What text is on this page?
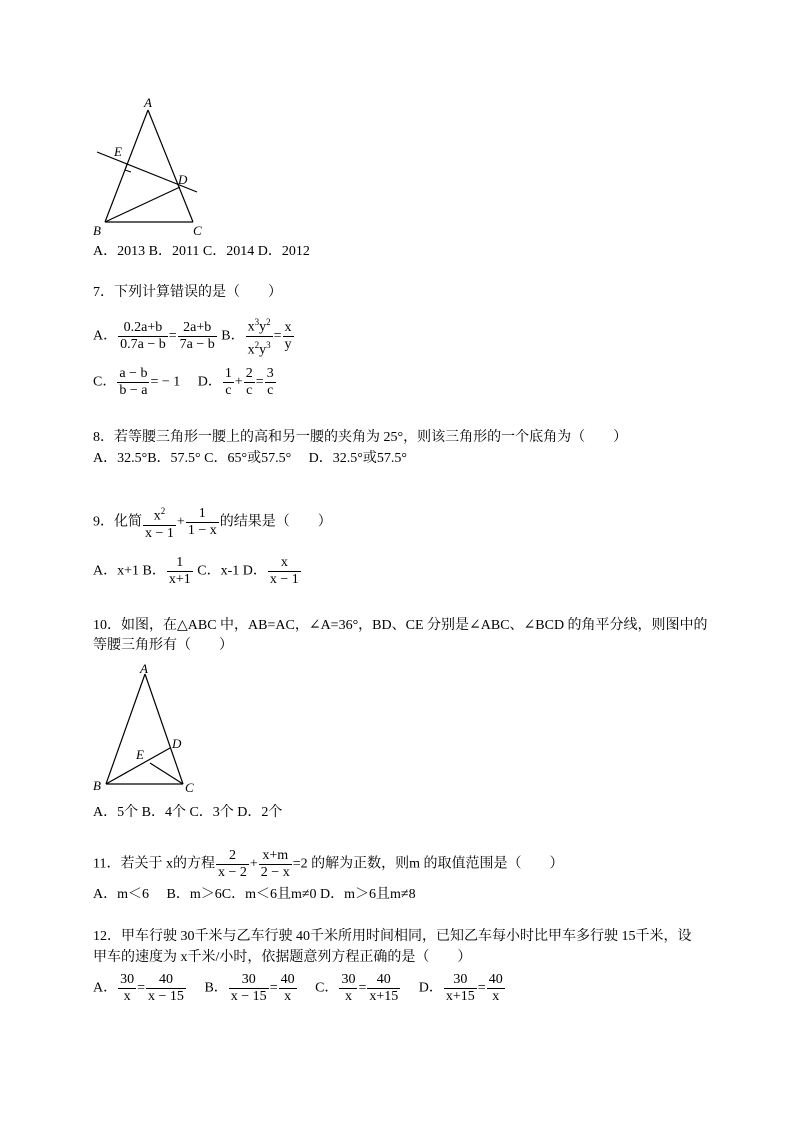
A
E
D
B	C
A．2013 B．2011 C．2014 D．2012
7．下列计算错误的是（　　）
A． $\frac{0.2a+b}{0.7a - b} = \frac{2a+b}{7a - b}$ B． $\frac{x^3y^2}{x^2y^3} = \frac{x}{y}$
C． $\frac{a - b}{b - a}$ = − 1　 D． $\frac{1}{c} + \frac{2}{c} = \frac{3}{c}$
8．若等腰三角形一腰上的高和另一腰的夹角为 25°，则该三角形的一个底角为（　　）
A．32.5°B．57.5° C．65°或57.5°　 D．32.5°或57.5°
9．化简 $\frac{x^2}{x - 1} + \frac{1}{1 - x}$ 的结果是（　　）
A．x+1 B． $\frac{1}{x+1}$ C．x-1 D． $\frac{x}{x - 1}$
10．如图，在△ABC 中，AB=AC，∠A=36°，BD、CE 分别是∠ABC、∠BCD 的角平分线，则图中的
等腰三角形有（　　）
A
D
E
B	C
A．5个 B．4个 C．3个 D．2个
11．若关于 x的方程 $\frac{2}{x - 2} + \frac{x+m}{2 - x} =2$ 的解为正数，则m 的取值范围是（　　）
A．m＜6　 B．m＞6C．m＜6且m≠0 D．m＞6且m≠8
12．甲车行驶 30千米与乙车行驶 40千米所用时间相同，已知乙车每小时比甲车多行驶 15千米，设
甲车的速度为 x千米/小时，依据题意列方程正确的是（　　）
A． $\frac{30}{x} = \frac{40}{x - 15}$
　 B． $\frac{30}{x - 15} = \frac{40}{x}$
　 C． $\frac{30}{x} = \frac{40}{x+15}$
　 D． $\frac{30}{x+15} = \frac{40}{x}$
